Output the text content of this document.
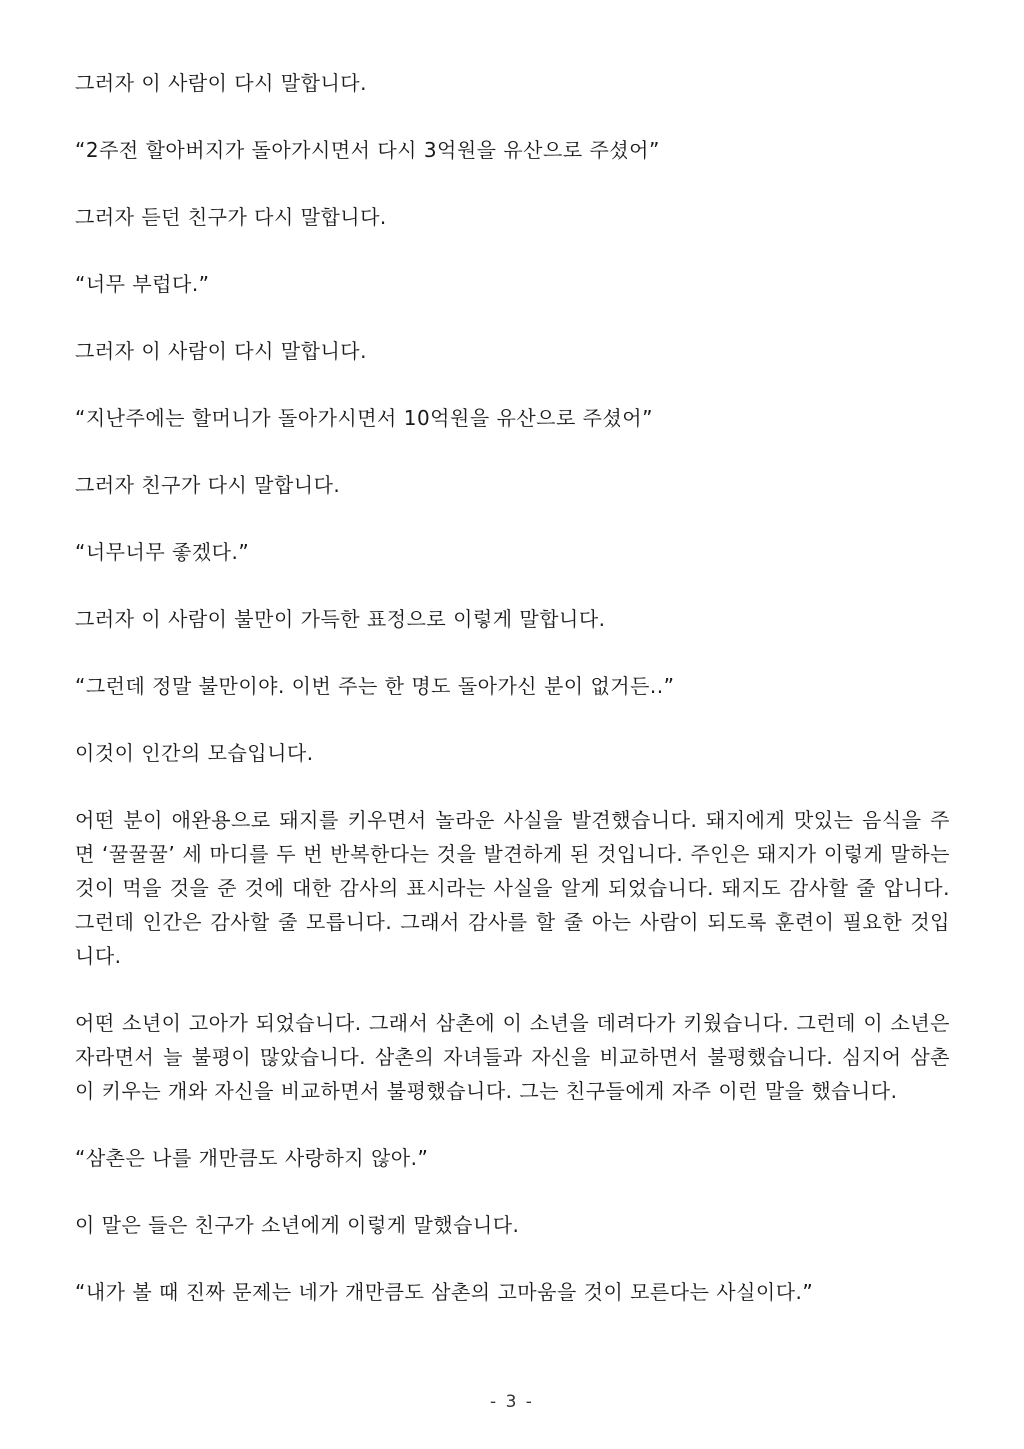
그러자 이 사람이 다시 말합니다.

“2주전 할아버지가 돌아가시면서 다시 3억원을 유산으로 주셨어”

그러자 듣던 친구가 다시 말합니다.

“너무 부럽다.”

그러자 이 사람이 다시 말합니다.

“지난주에는 할머니가 돌아가시면서 10억원을 유산으로 주셨어”

그러자 친구가 다시 말합니다.

“너무너무 좋겠다.”

그러자 이 사람이 불만이 가득한 표정으로 이렇게 말합니다.

“그런데 정말 불만이야. 이번 주는 한 명도 돌아가신 분이 없거든..”

이것이 인간의 모습입니다.

어떤 분이 애완용으로 돼지를 키우면서 놀라운 사실을 발견했습니다. 돼지에게 맛있는 음식을 주면 ‘꿀꿀꿀’ 세 마디를 두 번 반복한다는 것을 발견하게 된 것입니다. 주인은 돼지가 이렇게 말하는 것이 먹을 것을 준 것에 대한 감사의 표시라는 사실을 알게 되었습니다. 돼지도 감사할 줄 압니다. 그런데 인간은 감사할 줄 모릅니다. 그래서 감사를 할 줄 아는 사람이 되도록 훈련이 필요한 것입니다.

어떤 소년이 고아가 되었습니다. 그래서 삼촌에 이 소년을 데려다가 키웠습니다. 그런데 이 소년은 자라면서 늘 불평이 많았습니다. 삼촌의 자녀들과 자신을 비교하면서 불평했습니다. 심지어 삼촌이 키우는 개와 자신을 비교하면서 불평했습니다. 그는 친구들에게 자주 이런 말을 했습니다.

“삼촌은 나를 개만큼도 사랑하지 않아.”

이 말은 들은 친구가 소년에게 이렇게 말했습니다.

“내가 볼 때 진짜 문제는 네가 개만큼도 삼촌의 고마움을 것이 모른다는 사실이다.”

- 3 -
